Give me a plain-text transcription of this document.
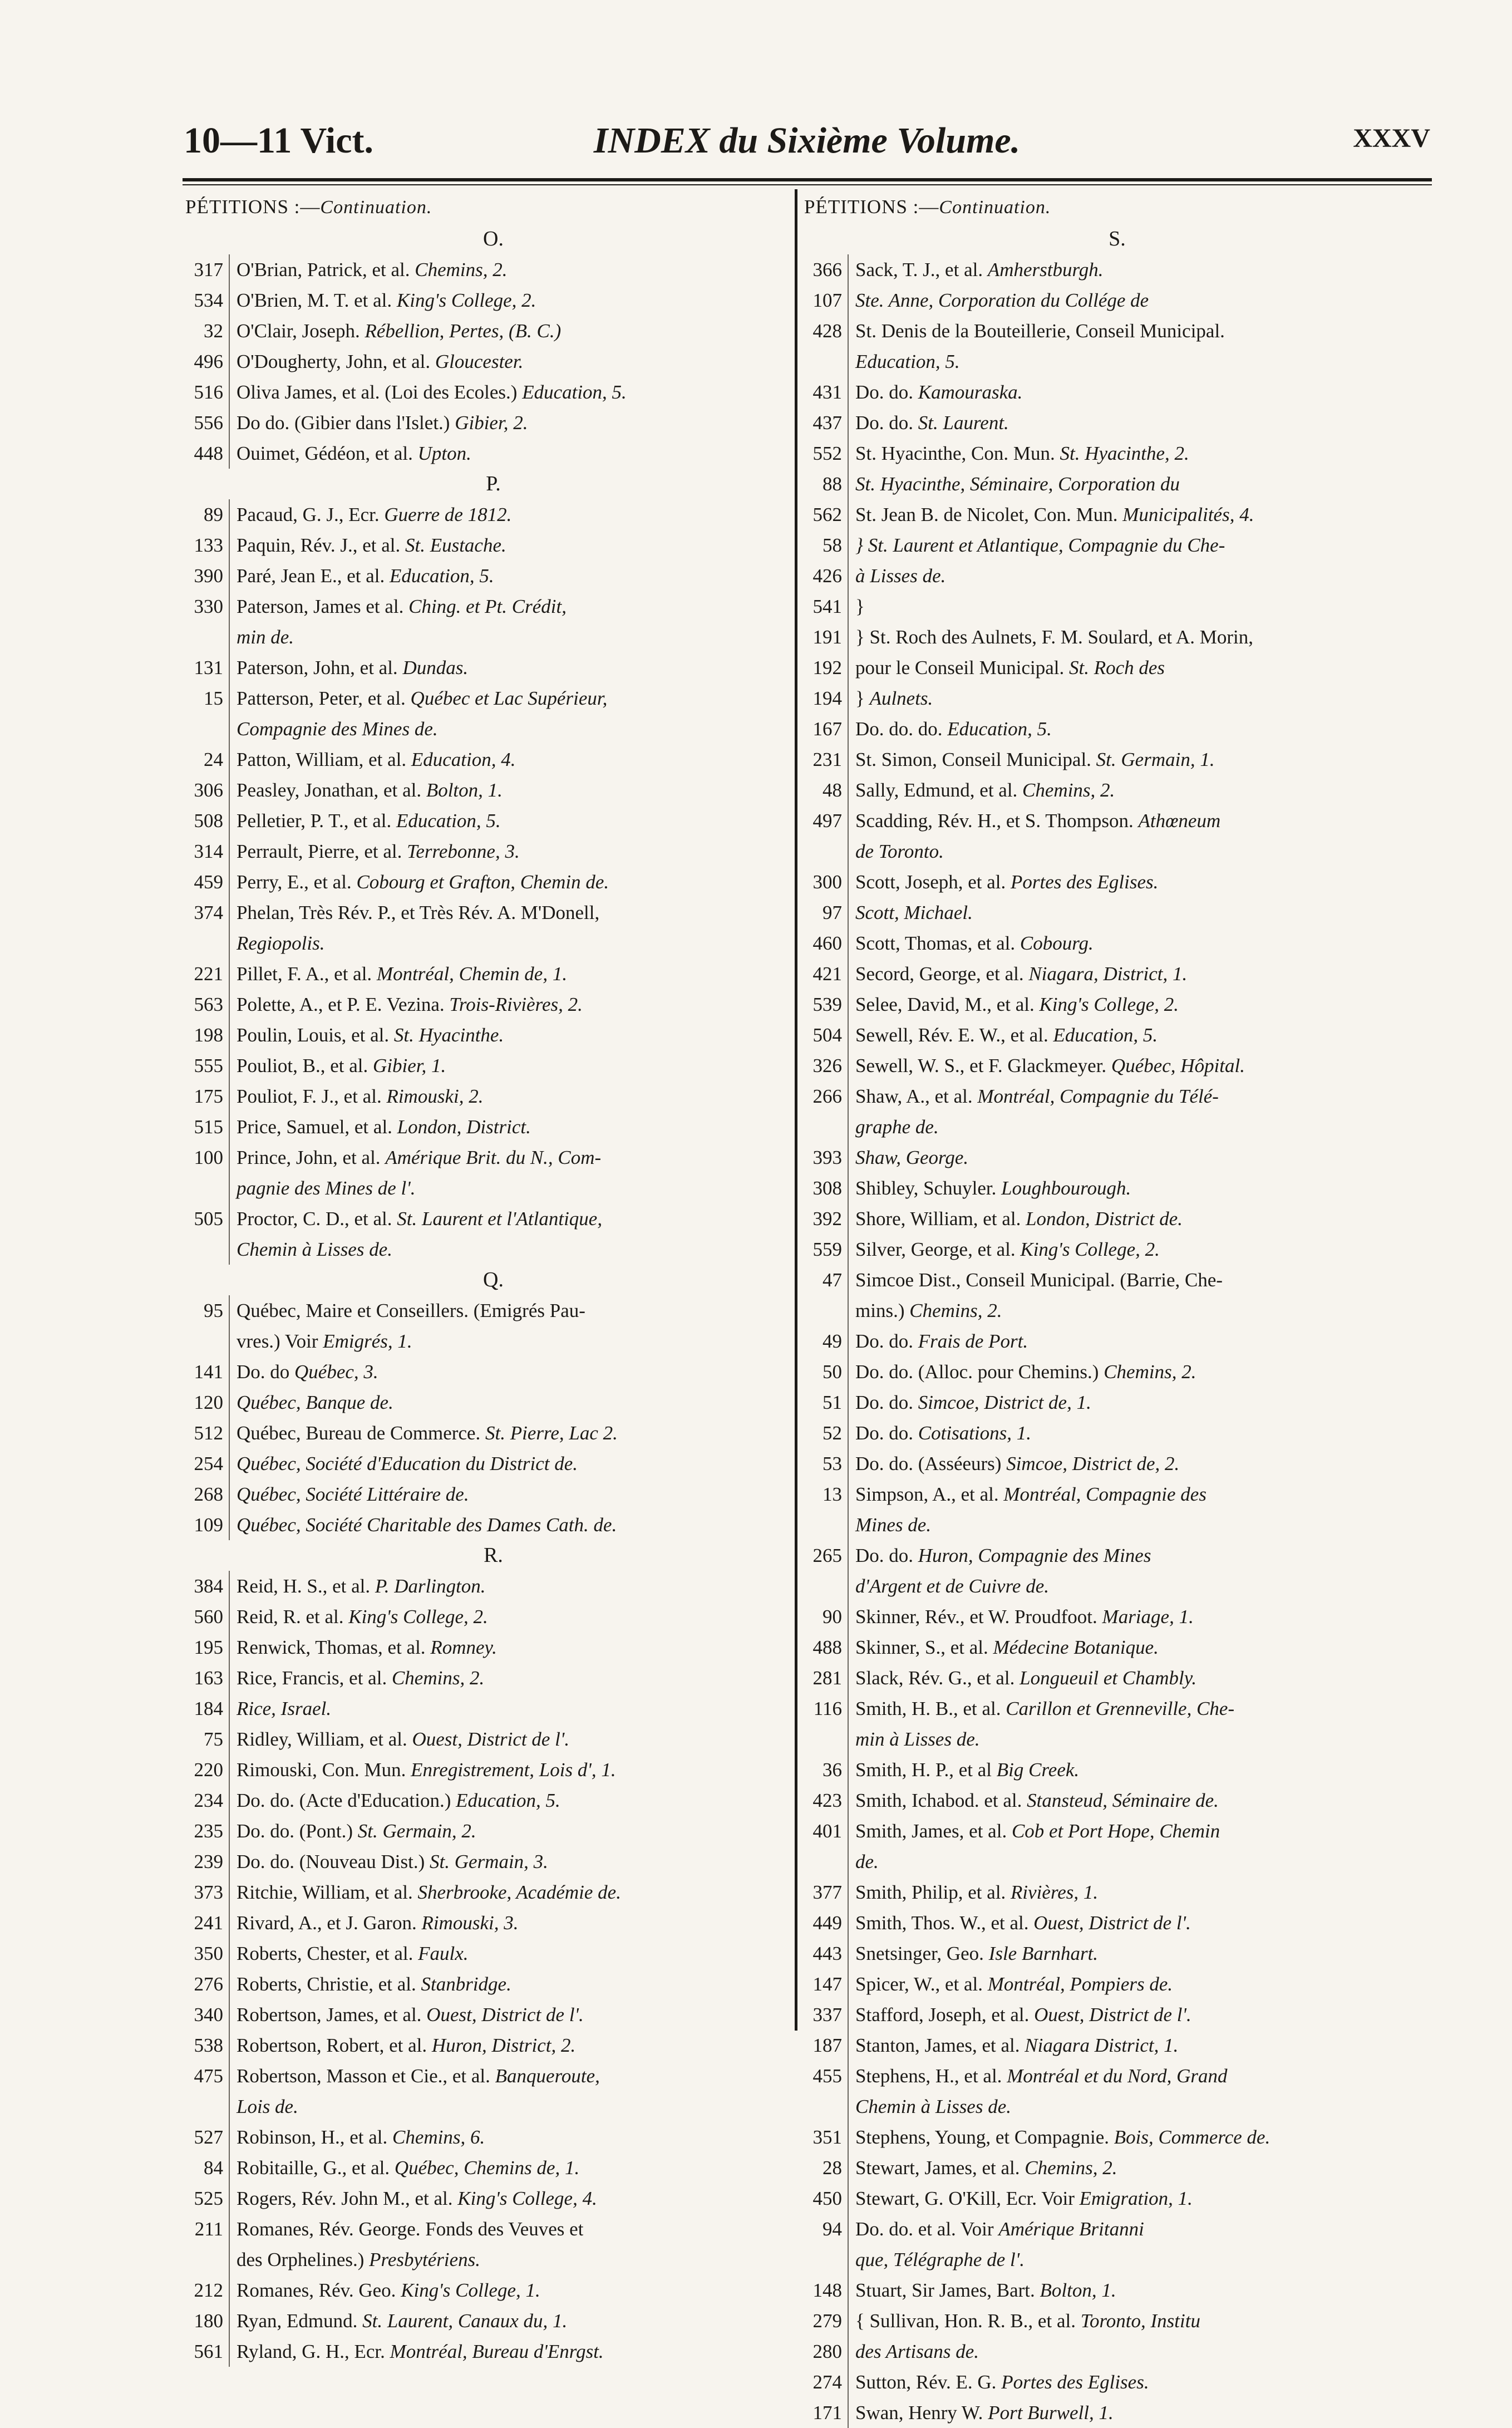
10—11 Vict.	INDEX du Sixième Volume.	XXXV
PÉTITIONS :—Continuation.
O.
317 O'Brian, Patrick, et al. Chemins, 2.
534 O'Brien, M. T. et al. King's College, 2.
32 O'Clair, Joseph. Rébellion, Pertes, (B. C.)
496 O'Dougherty, John, et al. Gloucester.
516 Oliva James, et al. (Loi des Ecoles.) Education, 5.
556 Do do. (Gibier dans l'Islet.) Gibier, 2.
448 Ouimet, Gédéon, et al. Upton.
P.
89 Pacaud, G. J., Ecr. Guerre de 1812.
133 Paquin, Rév. J., et al. St. Eustache.
390 Paré, Jean E., et al. Education, 5.
330 Paterson, James et al. Ching. et Pt. Crédit,
min de.
131 Paterson, John, et al. Dundas.
15 Patterson, Peter, et al. Québec et Lac Supérieur,
Compagnie des Mines de.
24 Patton, William, et al. Education, 4.
306 Peasley, Jonathan, et al. Bolton, 1.
508 Pelletier, P. T., et al. Education, 5.
314 Perrault, Pierre, et al. Terrebonne, 3.
459 Perry, E., et al. Cobourg et Grafton, Chemin de.
374 Phelan, Très Rév. P., et Très Rév. A. M'Donell,
Regiopolis.
221 Pillet, F. A., et al. Montréal, Chemin de, 1.
563 Polette, A., et P. E. Vezina. Trois-Rivières, 2.
198 Poulin, Louis, et al. St. Hyacinthe.
555 Pouliot, B., et al. Gibier, 1.
175 Pouliot, F. J., et al. Rimouski, 2.
515 Price, Samuel, et al. London, District.
100 Prince, John, et al. Amérique Brit. du N., Com-
pagnie des Mines de l'.
505 Proctor, C. D., et al. St. Laurent et l'Atlantique,
Chemin à Lisses de.
Q.
95 Québec, Maire et Conseillers. (Emigrés Pau-
vres.) Voir Emigrés, 1.
141 Do. do Québec, 3.
120 Québec, Banque de.
512 Québec, Bureau de Commerce. St. Pierre, Lac 2.
254 Québec, Société d'Education du District de.
268 Québec, Société Littéraire de.
109 Québec, Société Charitable des Dames Cath. de.
R.
384 Reid, H. S., et al. P. Darlington.
560 Reid, R. et al. King's College, 2.
195 Renwick, Thomas, et al. Romney.
163 Rice, Francis, et al. Chemins, 2.
184 Rice, Israel.
75 Ridley, William, et al. Ouest, District de l'.
220 Rimouski, Con. Mun. Enregistrement, Lois d', 1.
234 Do. do. (Acte d'Education.) Education, 5.
235 Do. do. (Pont.) St. Germain, 2.
239 Do. do. (Nouveau Dist.) St. Germain, 3.
373 Ritchie, William, et al. Sherbrooke, Académie de.
241 Rivard, A., et J. Garon. Rimouski, 3.
350 Roberts, Chester, et al. Faulx.
276 Roberts, Christie, et al. Stanbridge.
340 Robertson, James, et al. Ouest, District de l'.
538 Robertson, Robert, et al. Huron, District, 2.
475 Robertson, Masson et Cie., et al. Banqueroute,
Lois de.
527 Robinson, H., et al. Chemins, 6.
84 Robitaille, G., et al. Québec, Chemins de, 1.
525 Rogers, Rév. John M., et al. King's College, 4.
211 Romanes, Rév. George. Fonds des Veuves et
des Orphelines.) Presbytériens.
212 Romanes, Rév. Geo. King's College, 1.
180 Ryan, Edmund. St. Laurent, Canaux du, 1.
561 Ryland, G. H., Ecr. Montréal, Bureau d'Enrgst.
PÉTITIONS :—Continuation.
S.
366 Sack, T. J., et al. Amherstburgh.
107 Ste. Anne, Corporation du Collége de
428 St. Denis de la Bouteillerie, Conseil Municipal.
Education, 5.
431 Do. do. Kamouraska.
437 Do. do. St. Laurent.
552 St. Hyacinthe, Con. Mun. St. Hyacinthe, 2.
88 St. Hyacinthe, Séminaire, Corporation du
562 St. Jean B. de Nicolet, Con. Mun. Municipalités, 4.
58 } St. Laurent et Atlantique, Compagnie du Che-
426 à Lisses de.
541 }
191 } St. Roch des Aulnets, F. M. Soulard, et A. Morin,
192 pour le Conseil Municipal. St. Roch des
194 } Aulnets.
167 Do. do. do. Education, 5.
231 St. Simon, Conseil Municipal. St. Germain, 1.
48 Sally, Edmund, et al. Chemins, 2.
497 Scadding, Rév. H., et S. Thompson. Athœneum
de Toronto.
300 Scott, Joseph, et al. Portes des Eglises.
97 Scott, Michael.
460 Scott, Thomas, et al. Cobourg.
421 Secord, George, et al. Niagara, District, 1.
539 Selee, David, M., et al. King's College, 2.
504 Sewell, Rév. E. W., et al. Education, 5.
326 Sewell, W. S., et F. Glackmeyer. Québec, Hôpital.
266 Shaw, A., et al. Montréal, Compagnie du Télé-
graphe de.
393 Shaw, George.
308 Shibley, Schuyler. Loughbourough.
392 Shore, William, et al. London, District de.
559 Silver, George, et al. King's College, 2.
47 Simcoe Dist., Conseil Municipal. (Barrie, Che-
mins.) Chemins, 2.
49 Do. do. Frais de Port.
50 Do. do. (Alloc. pour Chemins.) Chemins, 2.
51 Do. do. Simcoe, District de, 1.
52 Do. do. Cotisations, 1.
53 Do. do. (Asséeurs) Simcoe, District de, 2.
13 Simpson, A., et al. Montréal, Compagnie des
Mines de.
265 Do. do. Huron, Compagnie des Mines
d'Argent et de Cuivre de.
90 Skinner, Rév., et W. Proudfoot. Mariage, 1.
488 Skinner, S., et al. Médecine Botanique.
281 Slack, Rév. G., et al. Longueuil et Chambly.
116 Smith, H. B., et al. Carillon et Grenneville, Che-
min à Lisses de.
36 Smith, H. P., et al Big Creek.
423 Smith, Ichabod. et al. Stansteud, Séminaire de.
401 Smith, James, et al. Cob et Port Hope, Chemin
de.
377 Smith, Philip, et al. Rivières, 1.
449 Smith, Thos. W., et al. Ouest, District de l'.
443 Snetsinger, Geo. Isle Barnhart.
147 Spicer, W., et al. Montréal, Pompiers de.
337 Stafford, Joseph, et al. Ouest, District de l'.
187 Stanton, James, et al. Niagara District, 1.
455 Stephens, H., et al. Montréal et du Nord, Grand
Chemin à Lisses de.
351 Stephens, Young, et Compagnie. Bois, Commerce de.
28 Stewart, James, et al. Chemins, 2.
450 Stewart, G. O'Kill, Ecr. Voir Emigration, 1.
94 Do. do. et al. Voir Amérique Britanni
que, Télégraphe de l'.
148 Stuart, Sir James, Bart. Bolton, 1.
279 { Sullivan, Hon. R. B., et al. Toronto, Institu
280 des Artisans de.
274 Sutton, Rév. E. G. Portes des Eglises.
171 Swan, Henry W. Port Burwell, 1.
